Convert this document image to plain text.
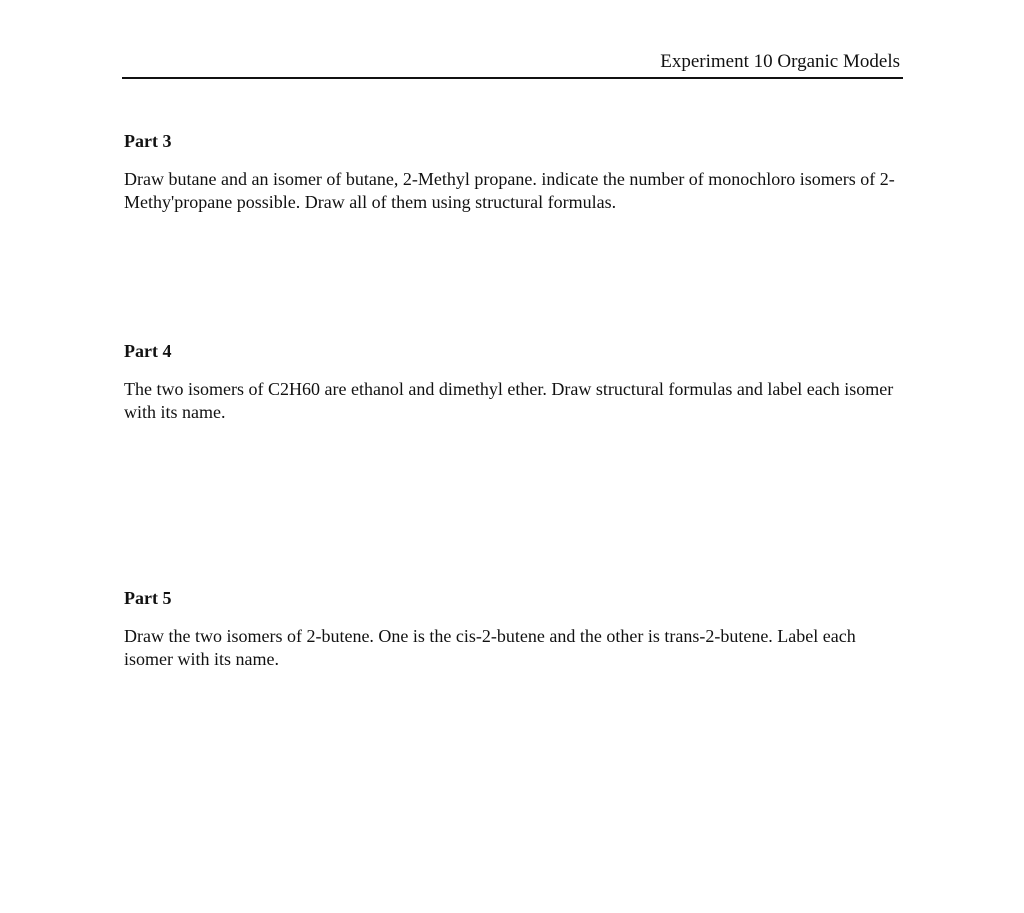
Experiment 10 Organic Models
Part 3

Draw butane and an isomer of butane, 2-Methyl propane. indicate the number of monochloro isomers of 2-Methy'propane possible. Draw all of them using structural formulas.

Part 4

The two isomers of C2H60 are ethanol and dimethyl ether. Draw structural formulas and label each isomer with its name.

Part 5

Draw the two isomers of 2-butene. One is the cis-2-butene and the other is trans-2-butene. Label each isomer with its name.
